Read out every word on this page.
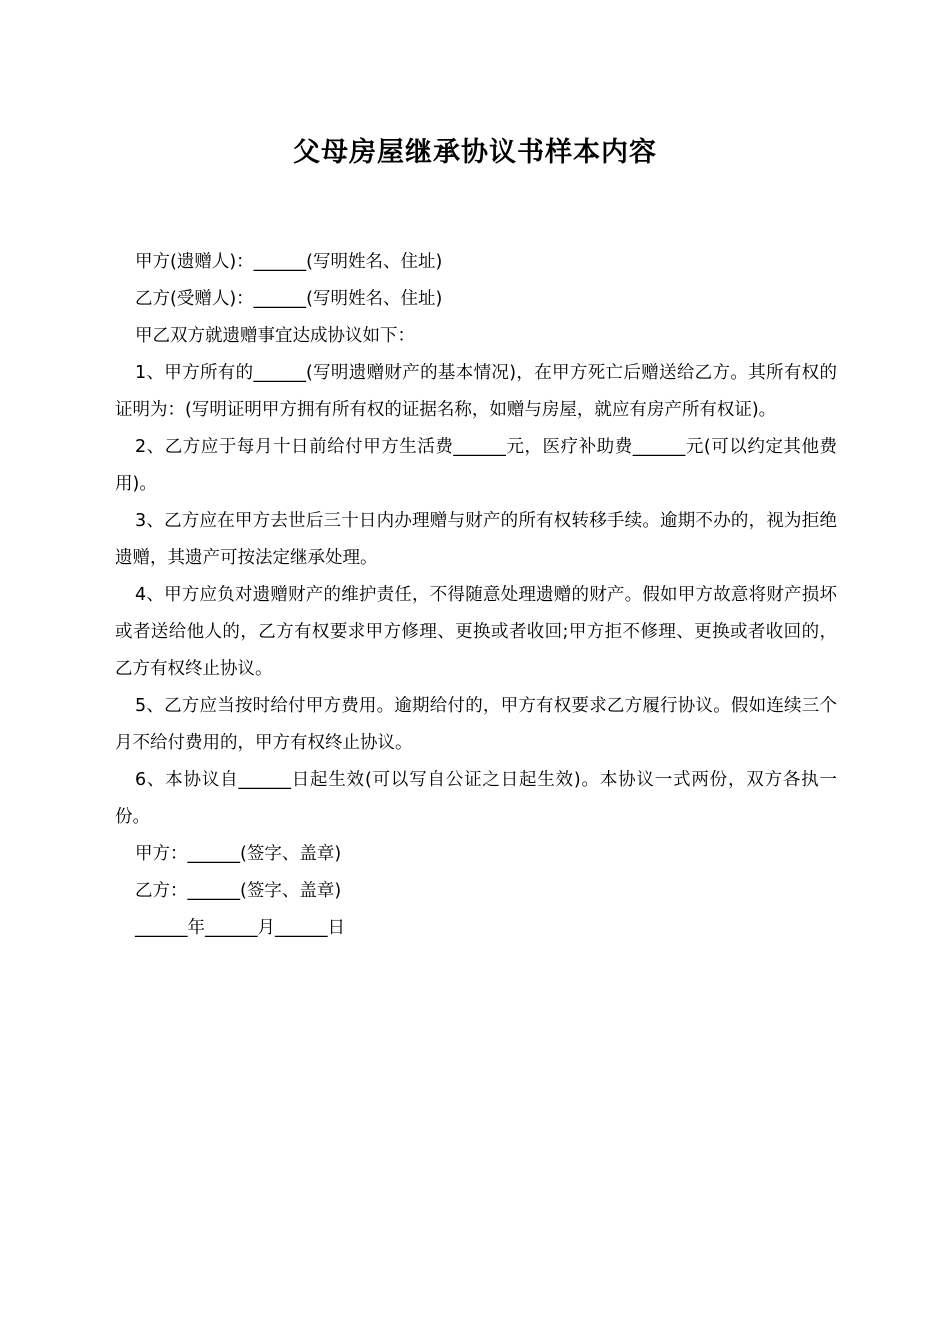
父母房屋继承协议书样本内容

甲方(遗赠人)：______(写明姓名、住址)

乙方(受赠人)：______(写明姓名、住址)

甲乙双方就遗赠事宜达成协议如下：

1、甲方所有的______(写明遗赠财产的基本情况)，在甲方死亡后赠送给乙方。其所有权的证明为：(写明证明甲方拥有所有权的证据名称，如赠与房屋，就应有房产所有权证)。

2、乙方应于每月十日前给付甲方生活费______元，医疗补助费______元(可以约定其他费用)。

3、乙方应在甲方去世后三十日内办理赠与财产的所有权转移手续。逾期不办的，视为拒绝遗赠，其遗产可按法定继承处理。

4、甲方应负对遗赠财产的维护责任，不得随意处理遗赠的财产。假如甲方故意将财产损坏或者送给他人的，乙方有权要求甲方修理、更换或者收回;甲方拒不修理、更换或者收回的，乙方有权终止协议。

5、乙方应当按时给付甲方费用。逾期给付的，甲方有权要求乙方履行协议。假如连续三个月不给付费用的，甲方有权终止协议。

6、本协议自______日起生效(可以写自公证之日起生效)。本协议一式两份，双方各执一份。

甲方：______(签字、盖章)

乙方：______(签字、盖章)

______年______月______日
